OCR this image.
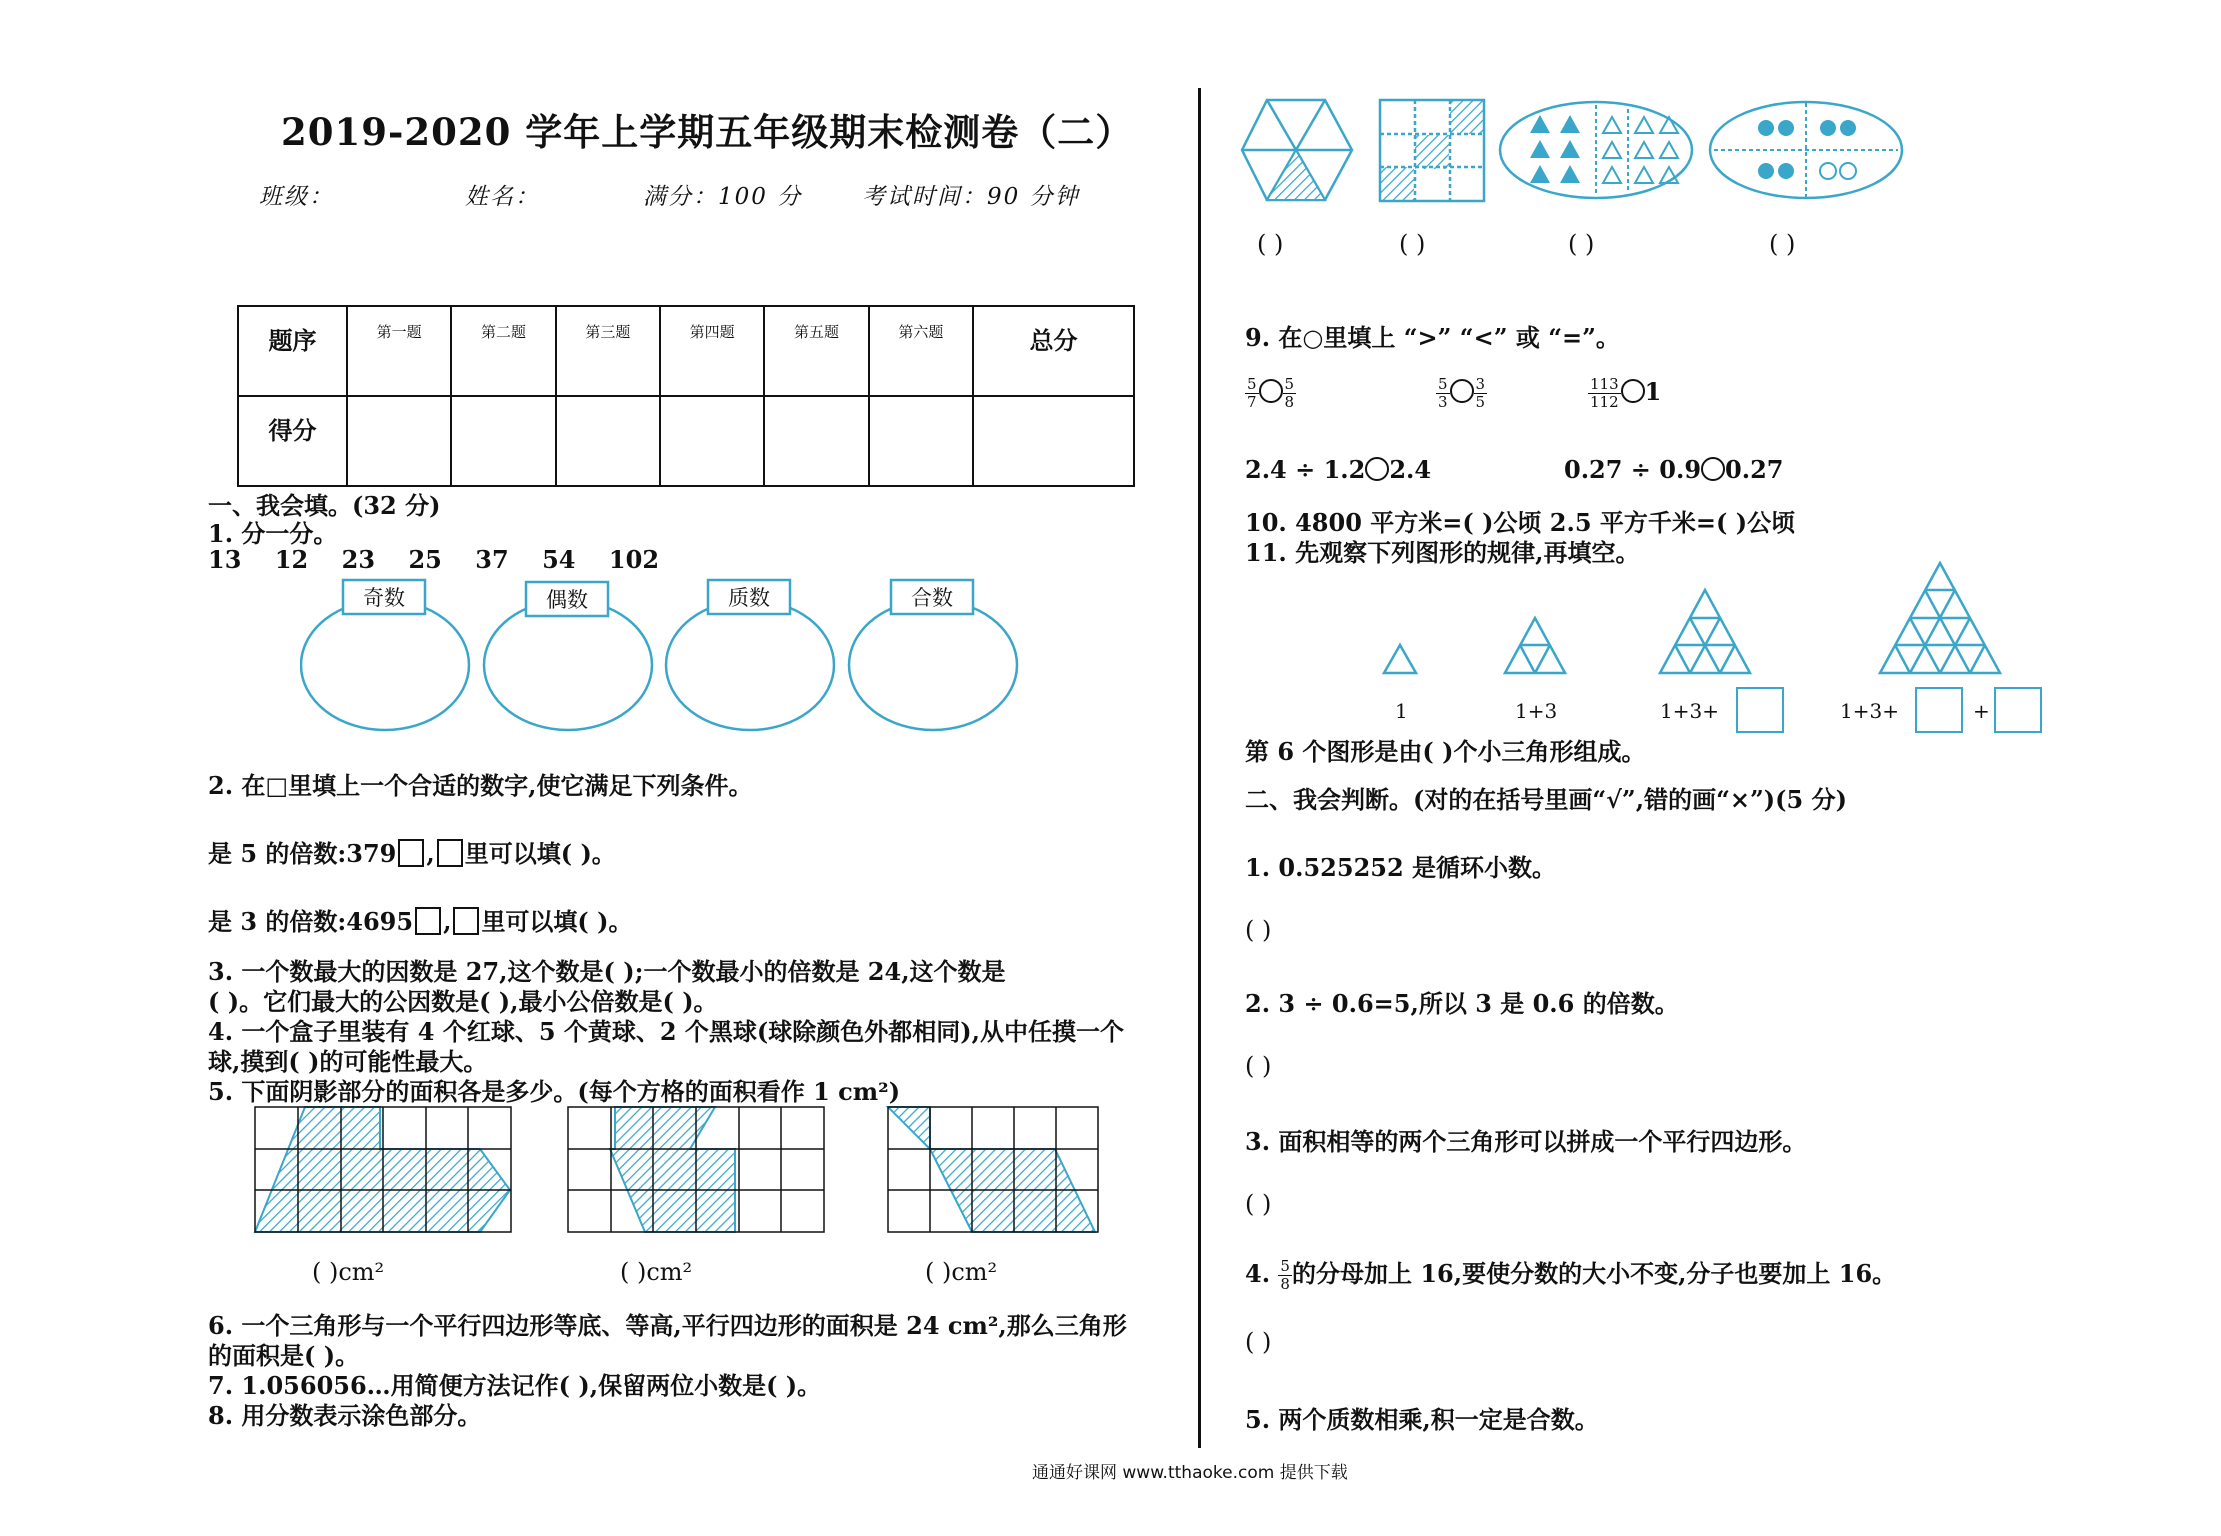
2019-2020 学年上学期五年级期末检测卷（二）
班级：	姓名：	满分：100 分	考试时间：90 分钟
题序	第一题	第二题	第三题	第四题	第五题	第六题	总分
得分							
一、我会填。(32 分)
1. 分一分。
13    12    23    25    37    54    102
奇数	偶数	质数	合数
2. 在□里填上一个合适的数字,使它满足下列条件。
是 5 的倍数:379 , 里可以填( )。
是 3 的倍数:4695 , 里可以填( )。
3. 一个数最大的因数是 27,这个数是( );一个数最小的倍数是 24,这个数是
( )。它们最大的公因数是( ),最小公倍数是( )。
4. 一个盒子里装有 4 个红球、5 个黄球、2 个黑球(球除颜色外都相同),从中任摸一个
球,摸到( )的可能性最大。
5. 下面阴影部分的面积各是多少。(每个方格的面积看作 1 cm²)
( )cm²	( )cm²	( )cm²
6. 一个三角形与一个平行四边形等底、等高,平行四边形的面积是 24 cm²,那么三角形
的面积是( )。
7. 1.056056…用简便方法记作( ),保留两位小数是( )。
8. 用分数表示涂色部分。
( )	( )	( )	( )
9. 在○里填上 “>” “<” 或 “=”。
$\frac{5}{7} \frac{5}{8}$	$\frac{5}{3} \frac{3}{5}$	$\frac{113}{112} 1$
2.4 ÷ 1.2 2.4	0.27 ÷ 0.9 0.27
10. 4800 平方米=( )公顷 2.5 平方千米=( )公顷
11. 先观察下列图形的规律,再填空。
1	1+3	1+3+	1+3+	+
第 6 个图形是由( )个小三角形组成。
二、我会判断。(对的在括号里画“√”,错的画“×”)(5 分)
1. 0.525252 是循环小数。
( )
2. 3 ÷ 0.6=5,所以 3 是 0.6 的倍数。
( )
3. 面积相等的两个三角形可以拼成一个平行四边形。
( )
4. $\frac{5}{8}$ 的分母加上 16,要使分数的大小不变,分子也要加上 16。
( )
5. 两个质数相乘,积一定是合数。
通通好课网 www.tthaoke.com 提供下载
